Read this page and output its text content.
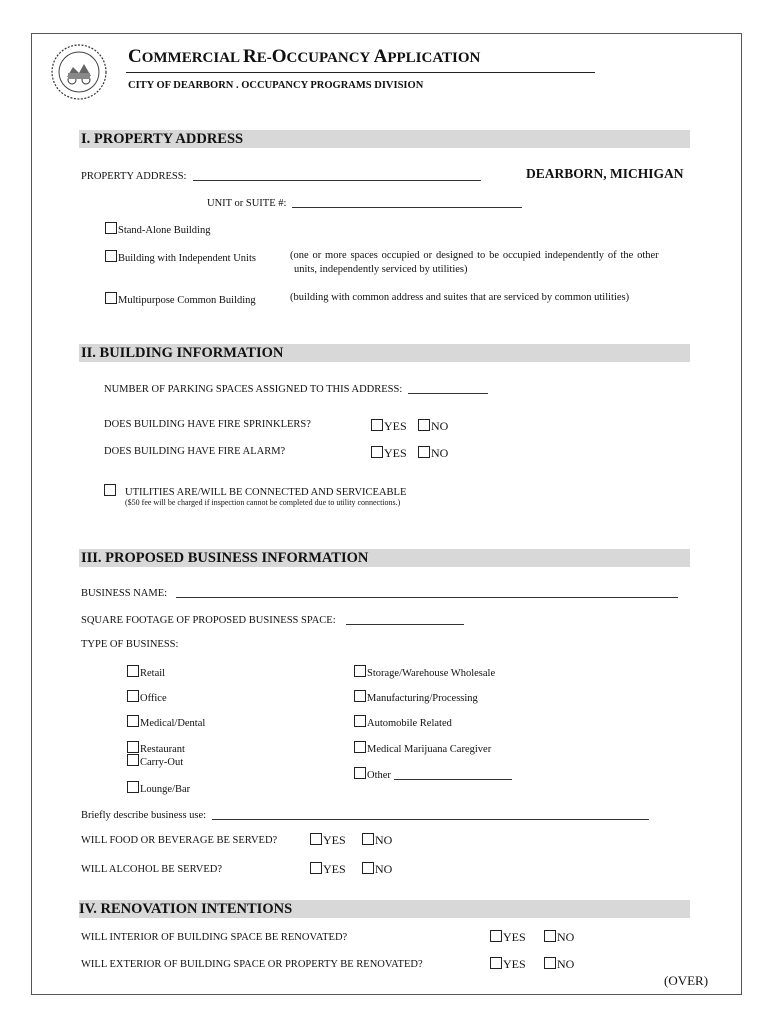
COMMERCIAL RE-OCCUPANCY APPLICATION
CITY OF DEARBORN . OCCUPANCY PROGRAMS DIVISION
I. PROPERTY ADDRESS
PROPERTY ADDRESS:	DEARBORN, MICHIGAN
UNIT or SUITE #:
Stand-Alone Building
Building with Independent Units	(one or more spaces occupied or designed to be occupied independently of the other
units, independently serviced by utilities)
Multipurpose Common Building	(building with common address and suites that are serviced by common utilities)
II. BUILDING INFORMATION
NUMBER OF PARKING SPACES ASSIGNED TO THIS ADDRESS:
DOES BUILDING HAVE FIRE SPRINKLERS?	YES	NO
DOES BUILDING HAVE FIRE ALARM?	YES	NO
UTILITIES ARE/WILL BE CONNECTED AND SERVICEABLE
($50 fee will be charged if inspection cannot be completed due to utility connections.)
III. PROPOSED BUSINESS INFORMATION
BUSINESS NAME:
SQUARE FOOTAGE OF PROPOSED BUSINESS SPACE:
TYPE OF BUSINESS:
Retail
Office
Medical/Dental
Restaurant
Carry-Out
Lounge/Bar
Storage/Warehouse Wholesale
Manufacturing/Processing
Automobile Related
Medical Marijuana Caregiver
Other
Briefly describe business use:
WILL FOOD OR BEVERAGE BE SERVED?	YES	NO
WILL ALCOHOL BE SERVED?	YES	NO
IV. RENOVATION INTENTIONS
WILL INTERIOR OF BUILDING SPACE BE RENOVATED?	YES	NO
WILL EXTERIOR OF BUILDING SPACE OR PROPERTY BE RENOVATED?	YES	NO
(OVER)
